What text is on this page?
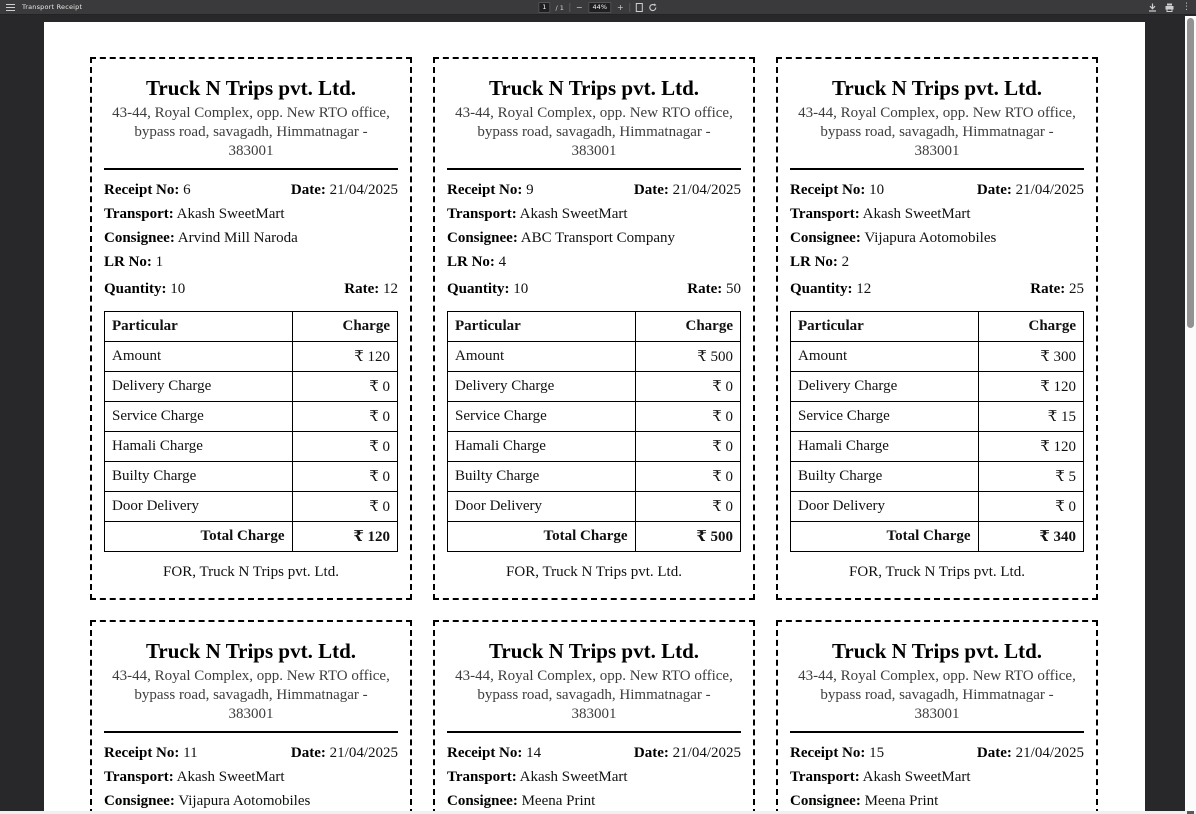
Transport Receipt	1	/ 1 −	44%	+	⋮
Truck N Trips pvt. Ltd.
43-44, Royal Complex, opp. New RTO office,
bypass road, savagadh, Himmatnagar -
383001
Receipt No: 6	Date: 21/04/2025
Transport: Akash SweetMart
Consignee: Arvind Mill Naroda
LR No: 1
Quantity: 10	Rate: 12
Particular	Charge
Amount	₹ 120
Delivery Charge	₹ 0
Service Charge	₹ 0
Hamali Charge	₹ 0
Builty Charge	₹ 0
Door Delivery	₹ 0
Total Charge	₹ 120
FOR, Truck N Trips pvt. Ltd.
Truck N Trips pvt. Ltd.
43-44, Royal Complex, opp. New RTO office,
bypass road, savagadh, Himmatnagar -
383001
Receipt No: 9	Date: 21/04/2025
Transport: Akash SweetMart
Consignee: ABC Transport Company
LR No: 4
Quantity: 10	Rate: 50
Particular	Charge
Amount	₹ 500
Delivery Charge	₹ 0
Service Charge	₹ 0
Hamali Charge	₹ 0
Builty Charge	₹ 0
Door Delivery	₹ 0
Total Charge	₹ 500
FOR, Truck N Trips pvt. Ltd.
Truck N Trips pvt. Ltd.
43-44, Royal Complex, opp. New RTO office,
bypass road, savagadh, Himmatnagar -
383001
Receipt No: 10	Date: 21/04/2025
Transport: Akash SweetMart
Consignee: Vijapura Aotomobiles
LR No: 2
Quantity: 12	Rate: 25
Particular	Charge
Amount	₹ 300
Delivery Charge	₹ 120
Service Charge	₹ 15
Hamali Charge	₹ 120
Builty Charge	₹ 5
Door Delivery	₹ 0
Total Charge	₹ 340
FOR, Truck N Trips pvt. Ltd.
Truck N Trips pvt. Ltd.
43-44, Royal Complex, opp. New RTO office,
bypass road, savagadh, Himmatnagar -
383001
Receipt No: 11	Date: 21/04/2025
Transport: Akash SweetMart
Consignee: Vijapura Aotomobiles
Truck N Trips pvt. Ltd.
43-44, Royal Complex, opp. New RTO office,
bypass road, savagadh, Himmatnagar -
383001
Receipt No: 14	Date: 21/04/2025
Transport: Akash SweetMart
Consignee: Meena Print
Truck N Trips pvt. Ltd.
43-44, Royal Complex, opp. New RTO office,
bypass road, savagadh, Himmatnagar -
383001
Receipt No: 15	Date: 21/04/2025
Transport: Akash SweetMart
Consignee: Meena Print
